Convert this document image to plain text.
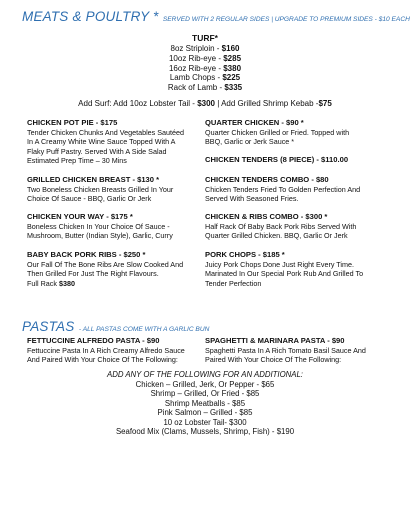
MEATS & POULTRY * SERVED WITH 2 REGULAR SIDES | UPGRADE TO PREMIUM SIDES - $10 EACH
TURF*
8oz Striploin - $160
10oz Rib-eye - $285
16oz Rib-eye - $380
Lamb Chops - $225
Rack of Lamb - $335
Add Surf: Add 10oz Lobster Tail - $300 | Add Grilled Shrimp Kebab -$75
CHICKEN POT PIE - $175
Tender Chicken Chunks And Vegetables Sautéed
In A Creamy White Wine Sauce Topped With A
Flaky Puff Pastry. Served With A Side Salad
Estimated Prep Time – 30 Mins
GRILLED CHICKEN BREAST - $130 *
Two Boneless Chicken Breasts Grilled In Your
Choice Of Sauce - BBQ, Garlic Or Jerk
CHICKEN YOUR WAY - $175 *
Boneless Chicken In Your Choice Of Sauce -
Mushroom, Butter (Indian Style), Garlic, Curry
BABY BACK PORK RIBS - $250 *
Our Fall Of The Bone Ribs Are Slow Cooked And
Then Grilled For Just The Right Flavours.
Full Rack $380
QUARTER CHICKEN - $90 *
Quarter Chicken Grilled or Fried. Topped with
BBQ, Garlic or Jerk Sauce *
CHICKEN TENDERS (8 PIECE) - $110.00
CHICKEN TENDERS COMBO - $80
Chicken Tenders Fried To Golden Perfection And
Served With Seasoned Fries.
CHICKEN & RIBS COMBO - $300 *
Half Rack Of Baby Back Pork Ribs Served With
Quarter Grilled Chicken. BBQ, Garlic Or Jerk
PORK CHOPS - $185 *
Juicy Pork Chops Done Just Right Every Time.
Marinated In Our Special Pork Rub And Grilled To
Tender Perfection
PASTAS - ALL PASTAS COME WITH A GARLIC BUN
FETTUCCINE ALFREDO PASTA - $90
Fettuccine Pasta In A Rich Creamy Alfredo Sauce
And Paired With Your Choice Of The Following:
SPAGHETTI & MARINARA PASTA - $90
Spaghetti Pasta In A Rich Tomato Basil Sauce And
Paired With Your Choice Of The Following:
ADD ANY OF THE FOLLOWING FOR AN ADDITIONAL:
Chicken – Grilled, Jerk, Or Pepper - $65
Shrimp – Grilled, Or Fried - $85
Shrimp Meatballs - $85
Pink Salmon – Grilled - $85
10 oz Lobster Tail- $300
Seafood Mix (Clams, Mussels, Shrimp, Fish) - $190
